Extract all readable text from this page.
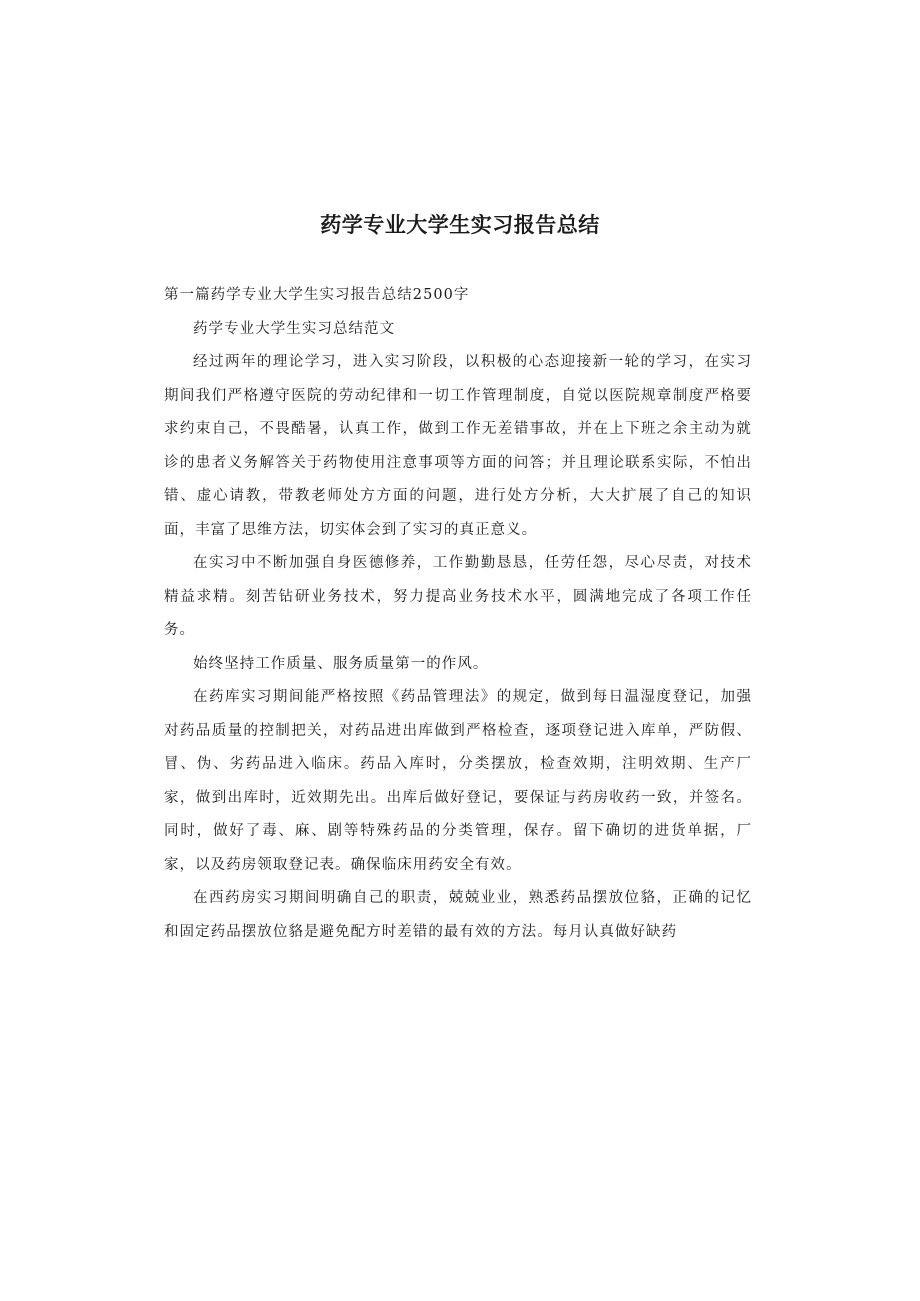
药学专业大学生实习报告总结

第一篇药学专业大学生实习报告总结2500字

药学专业大学生实习总结范文

经过两年的理论学习，进入实习阶段，以积极的心态迎接新一轮的学习，在实习期间我们严格遵守医院的劳动纪律和一切工作管理制度，自觉以医院规章制度严格要求约束自己，不畏酷暑，认真工作，做到工作无差错事故，并在上下班之余主动为就诊的患者义务解答关于药物使用注意事项等方面的问答；并且理论联系实际，不怕出错、虚心请教，带教老师处方方面的问题，进行处方分析，大大扩展了自己的知识面，丰富了思维方法，切实体会到了实习的真正意义。

在实习中不断加强自身医德修养，工作勤勤恳恳，任劳任怨，尽心尽责，对技术精益求精。刻苦钻研业务技术，努力提高业务技术水平，圆满地完成了各项工作任务。

始终坚持工作质量、服务质量第一的作风。

在药库实习期间能严格按照《药品管理法》的规定，做到每日温湿度登记，加强对药品质量的控制把关，对药品进出库做到严格检查，逐项登记进入库单，严防假、冒、伪、劣药品进入临床。药品入库时，分类摆放，检查效期，注明效期、生产厂家，做到出库时，近效期先出。出库后做好登记，要保证与药房收药一致，并签名。同时，做好了毒、麻、剧等特殊药品的分类管理，保存。留下确切的进货单据，厂家，以及药房领取登记表。确保临床用药安全有效。

在西药房实习期间明确自己的职责，兢兢业业，熟悉药品摆放位貉，正确的记忆和固定药品摆放位貉是避免配方时差错的最有效的方法。每月认真做好缺药
